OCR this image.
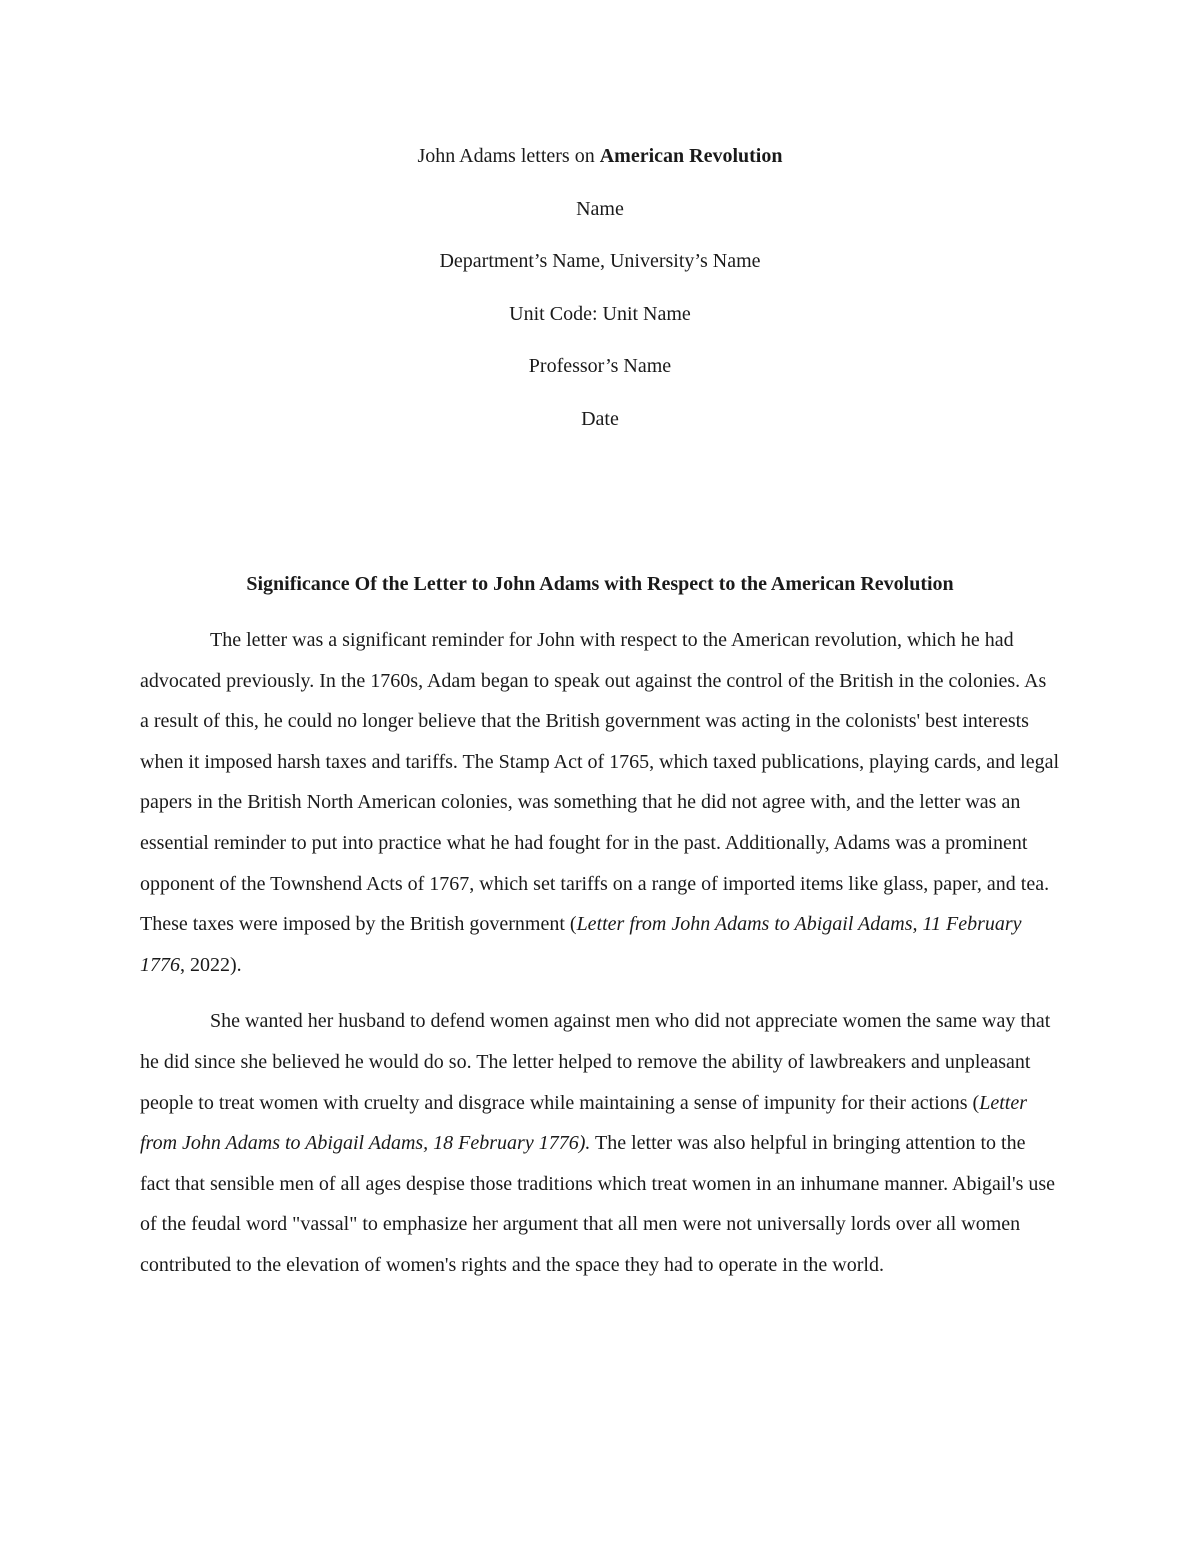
John Adams letters on American Revolution
Name
Department’s Name, University’s Name
Unit Code: Unit Name
Professor’s Name
Date
Significance Of the Letter to John Adams with Respect to the American Revolution

The letter was a significant reminder for John with respect to the American revolution, which he had advocated previously. In the 1760s, Adam began to speak out against the control of the British in the colonies. As a result of this, he could no longer believe that the British government was acting in the colonists' best interests when it imposed harsh taxes and tariffs. The Stamp Act of 1765, which taxed publications, playing cards, and legal papers in the British North American colonies, was something that he did not agree with, and the letter was an essential reminder to put into practice what he had fought for in the past. Additionally, Adams was a prominent opponent of the Townshend Acts of 1767, which set tariffs on a range of imported items like glass, paper, and tea. These taxes were imposed by the British government (Letter from John Adams to Abigail Adams, 11 February 1776, 2022).

She wanted her husband to defend women against men who did not appreciate women the same way that he did since she believed he would do so. The letter helped to remove the ability of lawbreakers and unpleasant people to treat women with cruelty and disgrace while maintaining a sense of impunity for their actions (Letter from John Adams to Abigail Adams, 18 February 1776). The letter was also helpful in bringing attention to the fact that sensible men of all ages despise those traditions which treat women in an inhumane manner. Abigail's use of the feudal word "vassal" to emphasize her argument that all men were not universally lords over all women contributed to the elevation of women's rights and the space they had to operate in the world.
